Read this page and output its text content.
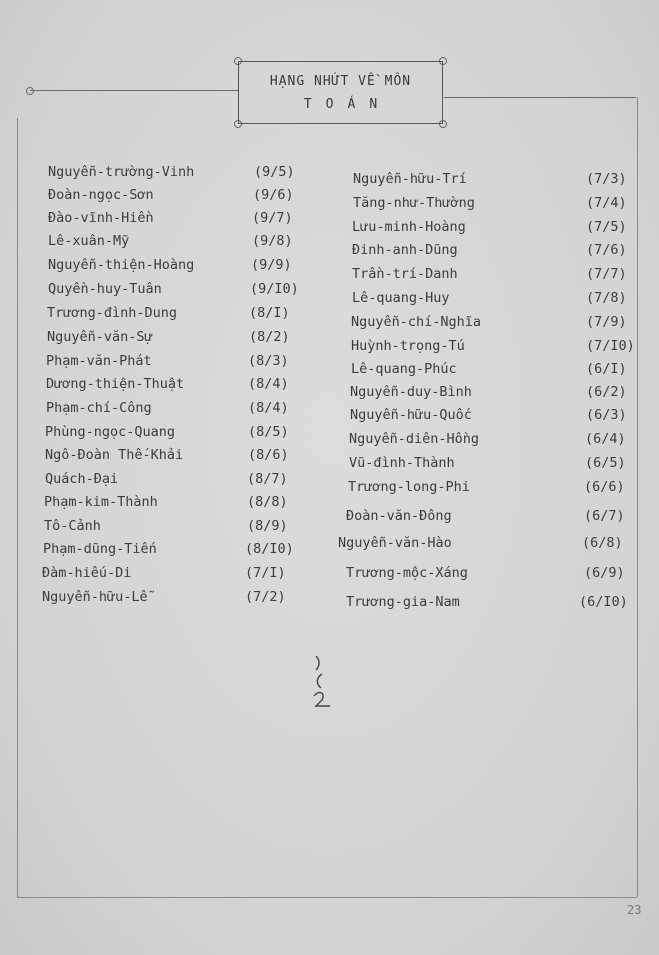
HẠNG NHỨT VỀ MÔN
TOÁN
Nguyễn-trường-Vinh	(9/5)
Đoàn-ngọc-Sơn	(9/6)
Đào-vĩnh-Hiền	(9/7)
Lê-xuân-Mỹ	(9/8)
Nguyễn-thiện-Hoàng	(9/9)
Quyền-huy-Tuân	(9/I0)
Trương-đình-Dung	(8/I)
Nguyễn-văn-Sự	(8/2)
Phạm-văn-Phát	(8/3)
Dương-thiện-Thuật	(8/4)
Phạm-chí-Công	(8/4)
Phùng-ngọc-Quang	(8/5)
Ngô-Đoàn Thế-Khải	(8/6)
Quách-Đại	(8/7)
Phạm-kim-Thành	(8/8)
Tô-Cảnh	(8/9)
Phạm-dũng-Tiến	(8/I0)
Đàm-hiếu-Di	(7/I)
Nguyễn-hữu-Lễ	(7/2)
Nguyễn-hữu-Trí	(7/3)
Tăng-như-Thường	(7/4)
Lưu-minh-Hoàng	(7/5)
Đinh-anh-Dũng	(7/6)
Trần-trí-Danh	(7/7)
Lê-quang-Huy	(7/8)
Nguyễn-chí-Nghĩa	(7/9)
Huỳnh-trọng-Tú	(7/I0)
Lê-quang-Phúc	(6/I)
Nguyễn-duy-Bình	(6/2)
Nguyễn-hữu-Quốc	(6/3)
Nguyễn-diên-Hồng	(6/4)
Vũ-đình-Thành	(6/5)
Trương-long-Phi	(6/6)
Đoàn-văn-Đông	(6/7)
Nguyễn-văn-Hào	(6/8)
Trương-mộc-Xáng	(6/9)
Trương-gia-Nam	(6/I0)
23
